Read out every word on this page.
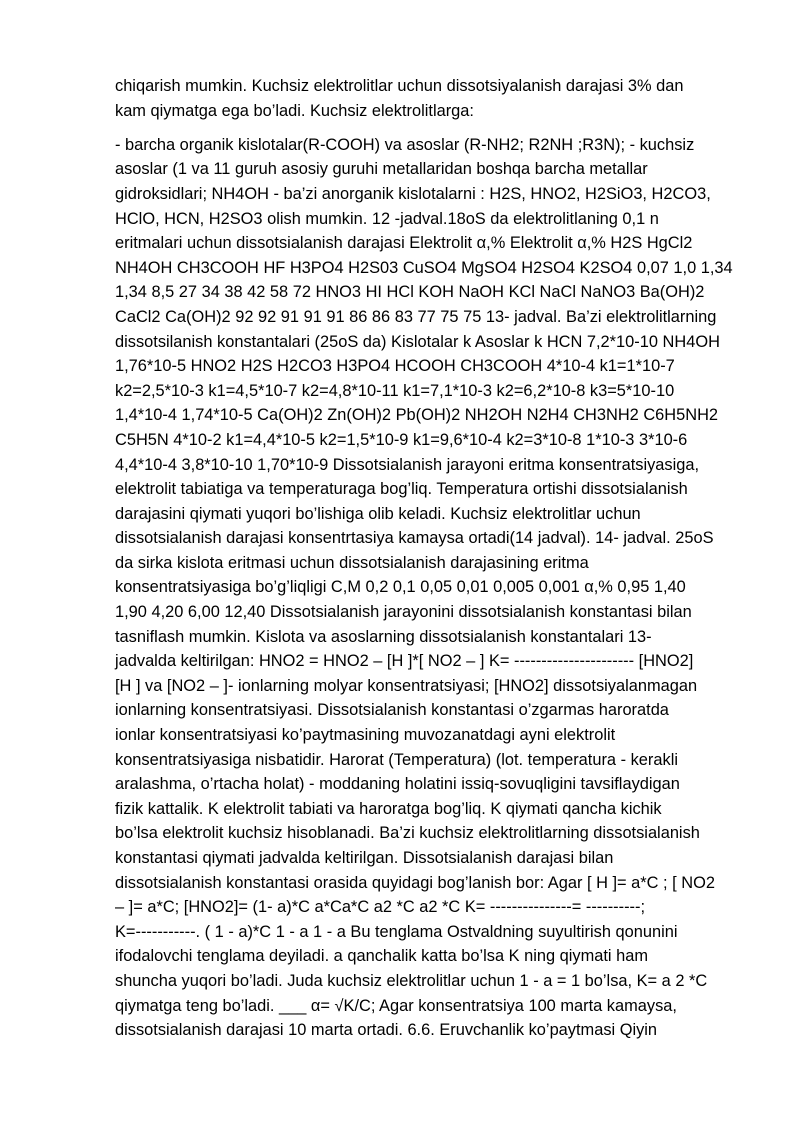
chiqarish mumkin. Kuchsiz elektrolitlar uchun dissotsiyalanish darajasi 3% dan
kam qiymatga ega bo’ladi. Kuchsiz elektrolitlarga:
- barcha organik kislotalar(R-COOH) va asoslar (R-NH2; R2NH ;R3N); - kuchsiz
asoslar (1 va 11 guruh asosiy guruhi metallaridan boshqa barcha metallar
gidroksidlari; NH4OH - ba’zi anorganik kislotalarni : H2S, HNO2, H2SiO3, H2CO3,
HClO, HCN, H2SO3 olish mumkin. 12 -jadval.18oS da elektrolitlaning 0,1 n
eritmalari uchun dissotsialanish darajasi Elektrolit α,% Elektrolit α,% H2S HgCl2
NH4OH CH3COOH HF H3PO4 H2S03 CuSO4 MgSO4 H2SO4 K2SO4 0,07 1,0 1,34
1,34 8,5 27 34 38 42 58 72 HNO3 HI HCl KOH NaOH KCl NaCl NaNO3 Ba(OH)2
CaCl2 Ca(OH)2 92 92 91 91 91 86 86 83 77 75 75 13- jadval. Ba’zi elektrolitlarning
dissotsilanish konstantalari (25oS da) Kislotalar k Asoslar k HCN 7,2*10-10 NH4OH
1,76*10-5 HNO2 H2S H2CO3 H3PO4 HCOOH CH3COOH 4*10-4 k1=1*10-7
k2=2,5*10-3 k1=4,5*10-7 k2=4,8*10-11 k1=7,1*10-3 k2=6,2*10-8 k3=5*10-10
1,4*10-4 1,74*10-5 Ca(OH)2 Zn(OH)2 Pb(OH)2 NH2OH N2H4 CH3NH2 C6H5NH2
C5H5N 4*10-2 k1=4,4*10-5 k2=1,5*10-9 k1=9,6*10-4 k2=3*10-8 1*10-3 3*10-6
4,4*10-4 3,8*10-10 1,70*10-9 Dissotsialanish jarayoni eritma konsentratsiyasiga,
elektrolit tabiatiga va temperaturaga bog’liq. Temperatura ortishi dissotsialanish
darajasini qiymati yuqori bo’lishiga olib keladi. Kuchsiz elektrolitlar uchun
dissotsialanish darajasi konsentrtasiya kamaysa ortadi(14 jadval). 14- jadval. 25oS
da sirka kislota eritmasi uchun dissotsialanish darajasining eritma
konsentratsiyasiga bo’g’liqligi C,M 0,2 0,1 0,05 0,01 0,005 0,001 α,% 0,95 1,40
1,90 4,20 6,00 12,40 Dissotsialanish jarayonini dissotsialanish konstantasi bilan
tasniflash mumkin. Kislota va asoslarning dissotsialanish konstantalari 13-
jadvalda keltirilgan: HNO2 = HNO2 – [H ]*[ NO2 – ] K= ---------------------- [HNO2]
[H ] va [NO2 – ]- ionlarning molyar konsentratsiyasi; [HNO2] dissotsiyalanmagan
ionlarning konsentratsiyasi. Dissotsialanish konstantasi o’zgarmas haroratda
ionlar konsentratsiyasi ko’paytmasining muvozanatdagi ayni elektrolit
konsentratsiyasiga nisbatidir. Harorat (Temperatura) (lot. temperatura - kerakli
aralashma, o’rtacha holat) - moddaning holatini issiq-sovuqligini tavsiflaydigan
fizik kattalik. K elektrolit tabiati va haroratga bog’liq. K qiymati qancha kichik
bo’lsa elektrolit kuchsiz hisoblanadi. Ba’zi kuchsiz elektrolitlarning dissotsialanish
konstantasi qiymati jadvalda keltirilgan. Dissotsialanish darajasi bilan
dissotsialanish konstantasi orasida quyidagi bog’lanish bor: Agar [ H ]= a*C ; [ NO2
– ]= a*C; [HNO2]= (1- a)*C a*Ca*C a2 *C a2 *C K= ---------------= ----------;
K=-----------. ( 1 - a)*C 1 - a 1 - a Bu tenglama Ostvaldning suyultirish qonunini
ifodalovchi tenglama deyiladi. a qanchalik katta bo’lsa K ning qiymati ham
shuncha yuqori bo’ladi. Juda kuchsiz elektrolitlar uchun 1 - a = 1 bo’lsa, K= a 2 *C
qiymatga teng bo’ladi. ___ α= √K/C; Agar konsentratsiya 100 marta kamaysa,
dissotsialanish darajasi 10 marta ortadi. 6.6. Eruvchanlik ko’paytmasi Qiyin
